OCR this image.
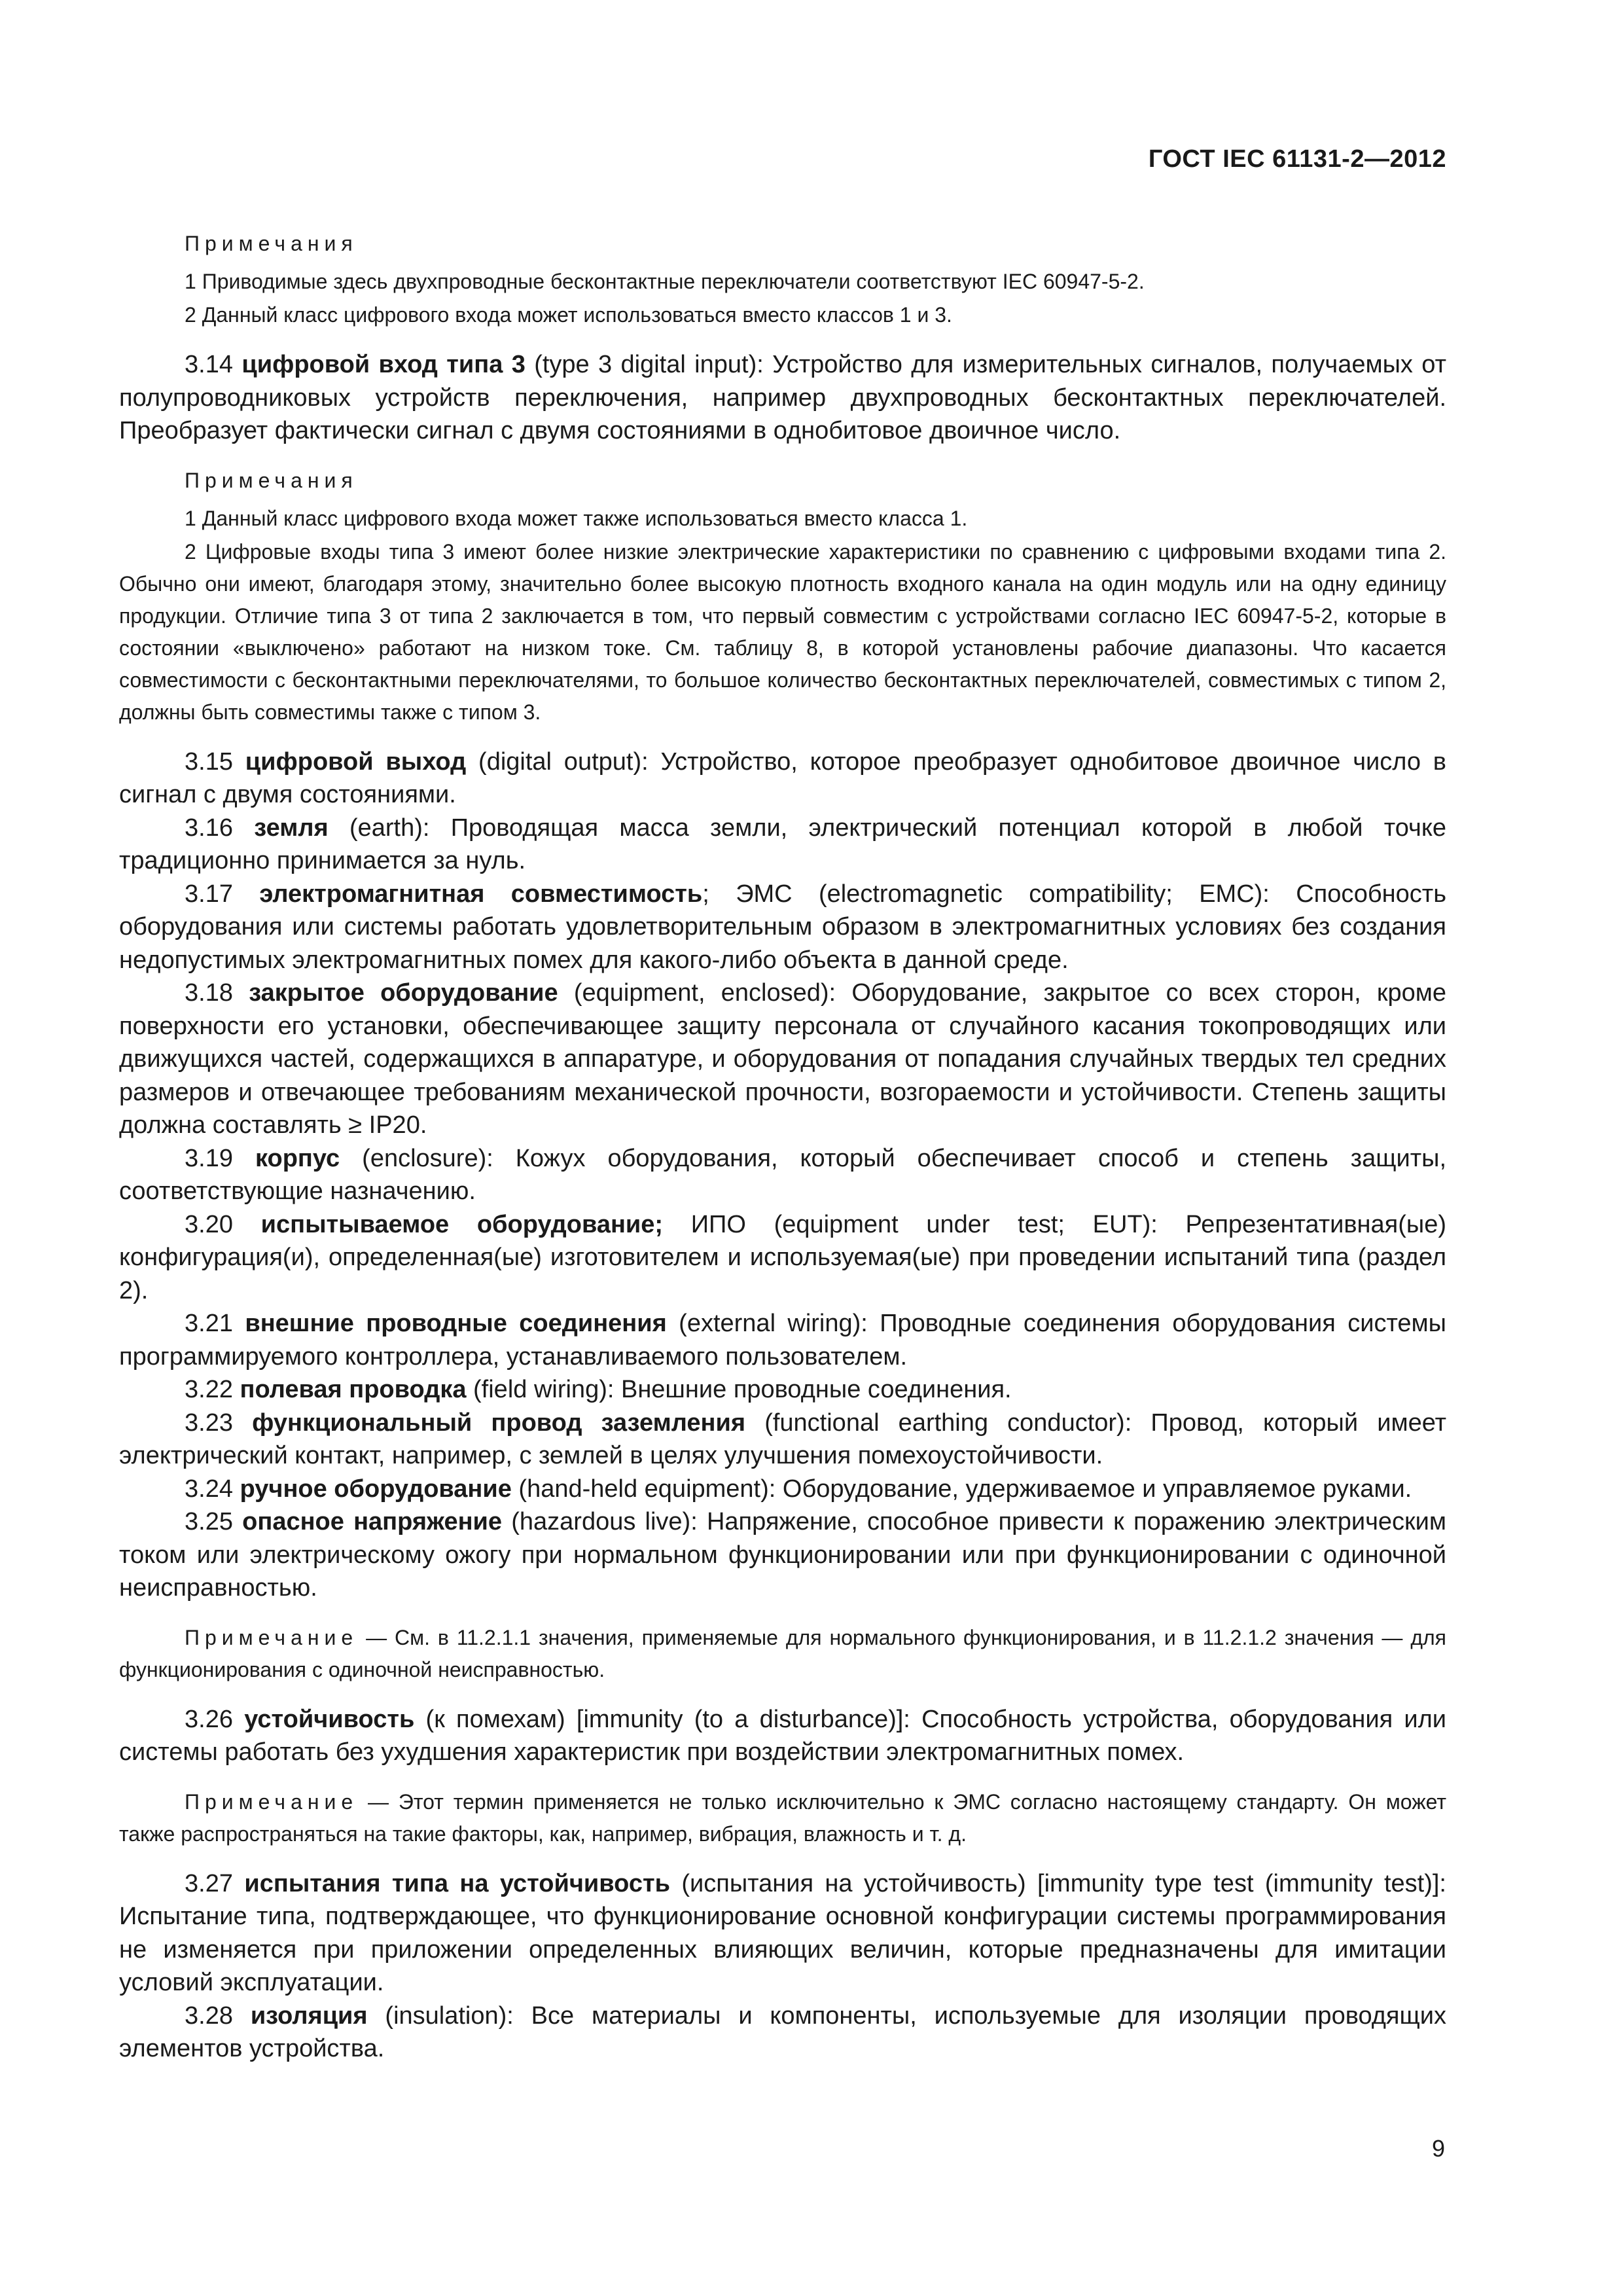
ГОСТ IEC 61131-2—2012
Примечания

1 Приводимые здесь двухпроводные бесконтактные переключатели соответствуют IEC 60947-5-2.

2 Данный класс цифрового входа может использоваться вместо классов 1 и 3.

3.14 цифровой вход типа 3 (type 3 digital input): Устройство для измерительных сигналов, получаемых от полупроводниковых устройств переключения, например двухпроводных бесконтактных переключателей. Преобразует фактически сигнал с двумя состояниями в однобитовое двоичное число.

Примечания

1 Данный класс цифрового входа может также использоваться вместо класса 1.

2 Цифровые входы типа 3 имеют более низкие электрические характеристики по сравнению с цифровыми входами типа 2. Обычно они имеют, благодаря этому, значительно более высокую плотность входного канала на один модуль или на одну единицу продукции. Отличие типа 3 от типа 2 заключается в том, что первый совместим с устройствами согласно IEC 60947-5-2, которые в состоянии «выключено» работают на низком токе. См. таблицу 8, в которой установлены рабочие диапазоны. Что касается совместимости с бесконтактными переключателями, то большое количество бесконтактных переключателей, совместимых с типом 2, должны быть совместимы также с типом 3.

3.15 цифровой выход (digital output): Устройство, которое преобразует однобитовое двоичное число в сигнал с двумя состояниями.

3.16 земля (earth): Проводящая масса земли, электрический потенциал которой в любой точке традиционно принимается за нуль.

3.17 электромагнитная совместимость; ЭМС (electromagnetic compatibility; EMC): Способность оборудования или системы работать удовлетворительным образом в электромагнитных условиях без создания недопустимых электромагнитных помех для какого-либо объекта в данной среде.

3.18 закрытое оборудование (equipment, enclosed): Оборудование, закрытое со всех сторон, кроме поверхности его установки, обеспечивающее защиту персонала от случайного касания токопроводящих или движущихся частей, содержащихся в аппаратуре, и оборудования от попадания случайных твердых тел средних размеров и отвечающее требованиям механической прочности, возгораемости и устойчивости. Степень защиты должна составлять ≥ IP20.

3.19 корпус (enclosure): Кожух оборудования, который обеспечивает способ и степень защиты, соответствующие назначению.

3.20 испытываемое оборудование; ИПО (equipment under test; EUT): Репрезентативная(ые) конфигурация(и), определенная(ые) изготовителем и используемая(ые) при проведении испытаний типа (раздел 2).

3.21 внешние проводные соединения (external wiring): Проводные соединения оборудования системы программируемого контроллера, устанавливаемого пользователем.

3.22 полевая проводка (field wiring): Внешние проводные соединения.

3.23 функциональный провод заземления (functional earthing conductor): Провод, который имеет электрический контакт, например, с землей в целях улучшения помехоустойчивости.

3.24 ручное оборудование (hand-held equipment): Оборудование, удерживаемое и управляемое руками.

3.25 опасное напряжение (hazardous live): Напряжение, способное привести к поражению электрическим током или электрическому ожогу при нормальном функционировании или при функционировании с одиночной неисправностью.

Примечание — См. в 11.2.1.1 значения, применяемые для нормального функционирования, и в 11.2.1.2 значения — для функционирования с одиночной неисправностью.

3.26 устойчивость (к помехам) [immunity (to a disturbance)]: Способность устройства, оборудования или системы работать без ухудшения характеристик при воздействии электромагнитных помех.

Примечание — Этот термин применяется не только исключительно к ЭМС согласно настоящему стандарту. Он может также распространяться на такие факторы, как, например, вибрация, влажность и т. д.

3.27 испытания типа на устойчивость (испытания на устойчивость) [immunity type test (immunity test)]: Испытание типа, подтверждающее, что функционирование основной конфигурации системы программирования не изменяется при приложении определенных влияющих величин, которые предназначены для имитации условий эксплуатации.

3.28 изоляция (insulation): Все материалы и компоненты, используемые для изоляции проводящих элементов устройства.

9
